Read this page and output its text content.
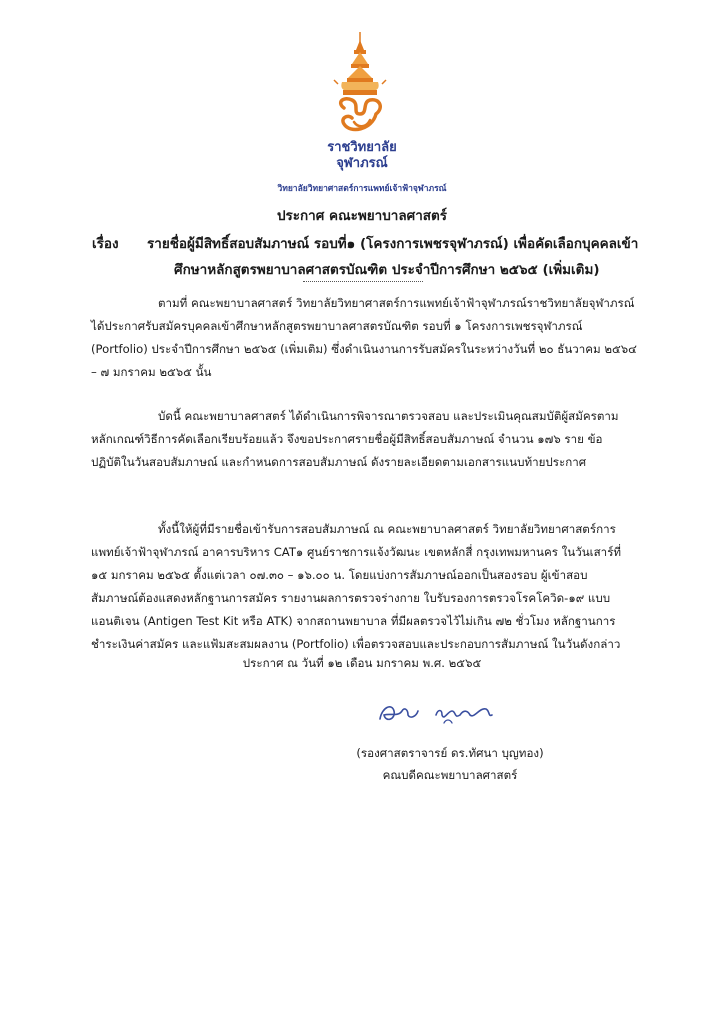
ราชวิทยาลัย
จุฬาภรณ์
วิทยาลัยวิทยาศาสตร์การแพทย์เจ้าฟ้าจุฬาภรณ์
ประกาศ คณะพยาบาลศาสตร์
เรื่อง รายชื่อผู้มีสิทธิ์สอบสัมภาษณ์ รอบที่๑ (โครงการเพชรจุฬาภรณ์) เพื่อคัดเลือกบุคคลเข้า
ศึกษาหลักสูตรพยาบาลศาสตรบัณฑิต ประจำปีการศึกษา ๒๕๖๕ (เพิ่มเติม)

ตามที่ คณะพยาบาลศาสตร์ วิทยาลัยวิทยาศาสตร์การแพทย์เจ้าฟ้าจุฬาภรณ์ราชวิทยาลัยจุฬาภรณ์
ได้ประกาศรับสมัครบุคคลเข้าศึกษาหลักสูตรพยาบาลศาสตรบัณฑิต รอบที่ ๑ โครงการเพชรจุฬาภรณ์
(Portfolio) ประจำปีการศึกษา ๒๕๖๕ (เพิ่มเติม) ซึ่งดำเนินงานการรับสมัครในระหว่างวันที่ ๒๐ ธันวาคม ๒๕๖๔
– ๗ มกราคม ๒๕๖๕ นั้น

บัดนี้ คณะพยาบาลศาสตร์ ได้ดำเนินการพิจารณาตรวจสอบ และประเมินคุณสมบัติผู้สมัครตาม
หลักเกณฑ์วิธีการคัดเลือกเรียบร้อยแล้ว จึงขอประกาศรายชื่อผู้มีสิทธิ์สอบสัมภาษณ์ จำนวน ๑๗๖ ราย ข้อ
ปฏิบัติในวันสอบสัมภาษณ์ และกำหนดการสอบสัมภาษณ์ ดังรายละเอียดตามเอกสารแนบท้ายประกาศ

ทั้งนี้ให้ผู้ที่มีรายชื่อเข้ารับการสอบสัมภาษณ์ ณ คณะพยาบาลศาสตร์ วิทยาลัยวิทยาศาสตร์การ
แพทย์เจ้าฟ้าจุฬาภรณ์ อาคารบริหาร CAT๑ ศูนย์ราชการแจ้งวัฒนะ เขตหลักสี่ กรุงเทพมหานคร ในวันเสาร์ที่
๑๕ มกราคม ๒๕๖๕ ตั้งแต่เวลา ๐๗.๓๐ – ๑๖.๐๐ น. โดยแบ่งการสัมภาษณ์ออกเป็นสองรอบ ผู้เข้าสอบ
สัมภาษณ์ต้องแสดงหลักฐานการสมัคร รายงานผลการตรวจร่างกาย ใบรับรองการตรวจโรคโควิด-๑๙ แบบ
แอนติเจน (Antigen Test Kit หรือ ATK) จากสถานพยาบาล ที่มีผลตรวจไว้ไม่เกิน ๗๒ ชั่วโมง หลักฐานการ
ชำระเงินค่าสมัคร และแฟ้มสะสมผลงาน (Portfolio) เพื่อตรวจสอบและประกอบการสัมภาษณ์ ในวันดังกล่าว

ประกาศ ณ วันที่ ๑๒ เดือน มกราคม พ.ศ. ๒๕๖๕
(รองศาสตราจารย์ ดร.ทัศนา บุญทอง)
คณบดีคณะพยาบาลศาสตร์
